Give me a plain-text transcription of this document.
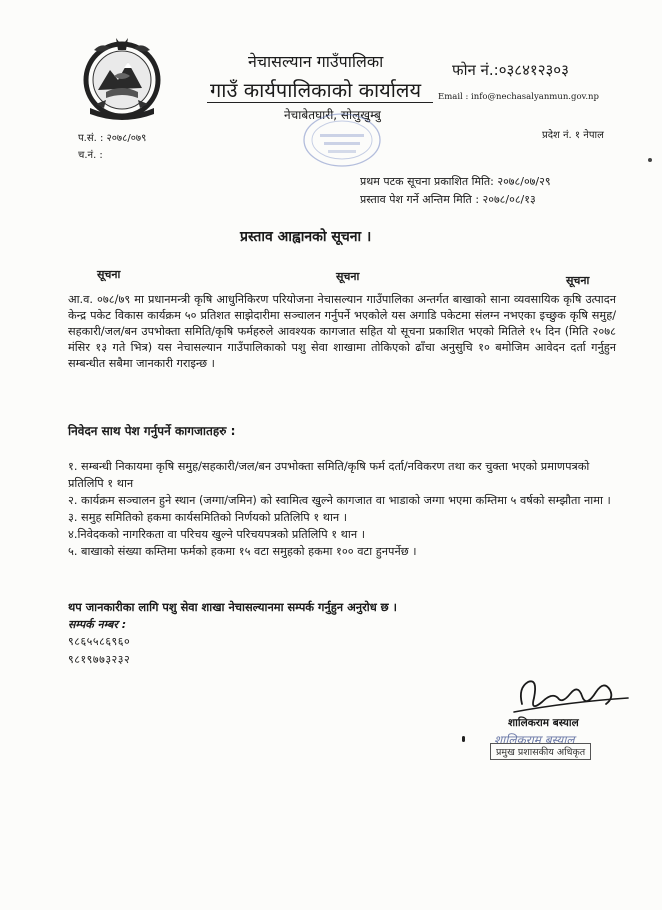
नेचासल्यान गाउँपालिका
गाउँ कार्यपालिकाको कार्यालय
नेचाबेतघारी, सोलुखुम्बु
फोन नं.:०३८४१२३०३
Email : info@nechasalyanmun.gov.np
प.सं. : २०७८/०७९
च.नं. :
प्रदेश नं. १ नेपाल
प्रथम पटक सूचना प्रकाशित मिति: २०७८/०७/२९
प्रस्ताव पेश गर्ने अन्तिम मिति : २०७८/०८/१३
प्रस्ताव आह्वानको सूचना ।
सूचना	सूचना	सूचना
आ.व. ०७८/७९ मा प्रधानमन्त्री कृषि आधुनिकिरण परियोजना नेचासल्यान गाउँपालिका अन्तर्गत बाखाको साना व्यवसायिक कृषि उत्पादन केन्द्र पकेट विकास कार्यक्रम ५० प्रतिशत साझेदारीमा सञ्चालन गर्नुपर्ने भएकोले यस अगाडि पकेटमा संलग्न नभएका इच्छुक कृषि समुह/सहकारी/जल/बन उपभोक्ता समिति/कृषि फर्महरुले आवश्यक कागजात सहित यो सूचना प्रकाशित भएको मितिले १५ दिन (मिति २०७८ मंसिर १३ गते भित्र) यस नेचासल्यान गाउँपालिकाको पशु सेवा शाखामा तोकिएको ढाँचा अनुसुचि १० बमोजिम आवेदन दर्ता गर्नुहुन सम्बन्धीत सबैमा जानकारी गराइन्छ ।
निवेदन साथ पेश गर्नुपर्ने कागजातहरु :

१. सम्बन्धी निकायमा कृषि समुह/सहकारी/जल/बन उपभोक्ता समिति/कृषि फर्म दर्ता/नविकरण तथा कर चुक्ता भएको प्रमाणपत्रको प्रतिलिपि १ थान

२. कार्यक्रम सञ्चालन हुने स्थान (जग्गा/जमिन) को स्वामित्व खुल्ने कागजात वा भाडाको जग्गा भएमा कम्तिमा ५ वर्षको सम्झौता नामा ।

३. समुह समितिको हकमा कार्यसमितिको निर्णयको प्रतिलिपि १ थान ।

४.निवेदकको नागरिकता वा परिचय खुल्ने परिचयपत्रको प्रतिलिपि १ थान ।

५. बाखाको संख्या कम्तिमा फर्मको हकमा १५ वटा समुहको हकमा १०० वटा हुनपर्नेछ ।

थप जानकारीका लागि पशु सेवा शाखा नेचासल्यानमा सम्पर्क गर्नुहुन अनुरोध छ ।
सम्पर्क नम्बर :
९८६५५८६९६०
९८१९७७३२३२
शालिकराम बस्याल
शालिकराम बस्याल
प्रमुख प्रशासकीय अधिकृत
